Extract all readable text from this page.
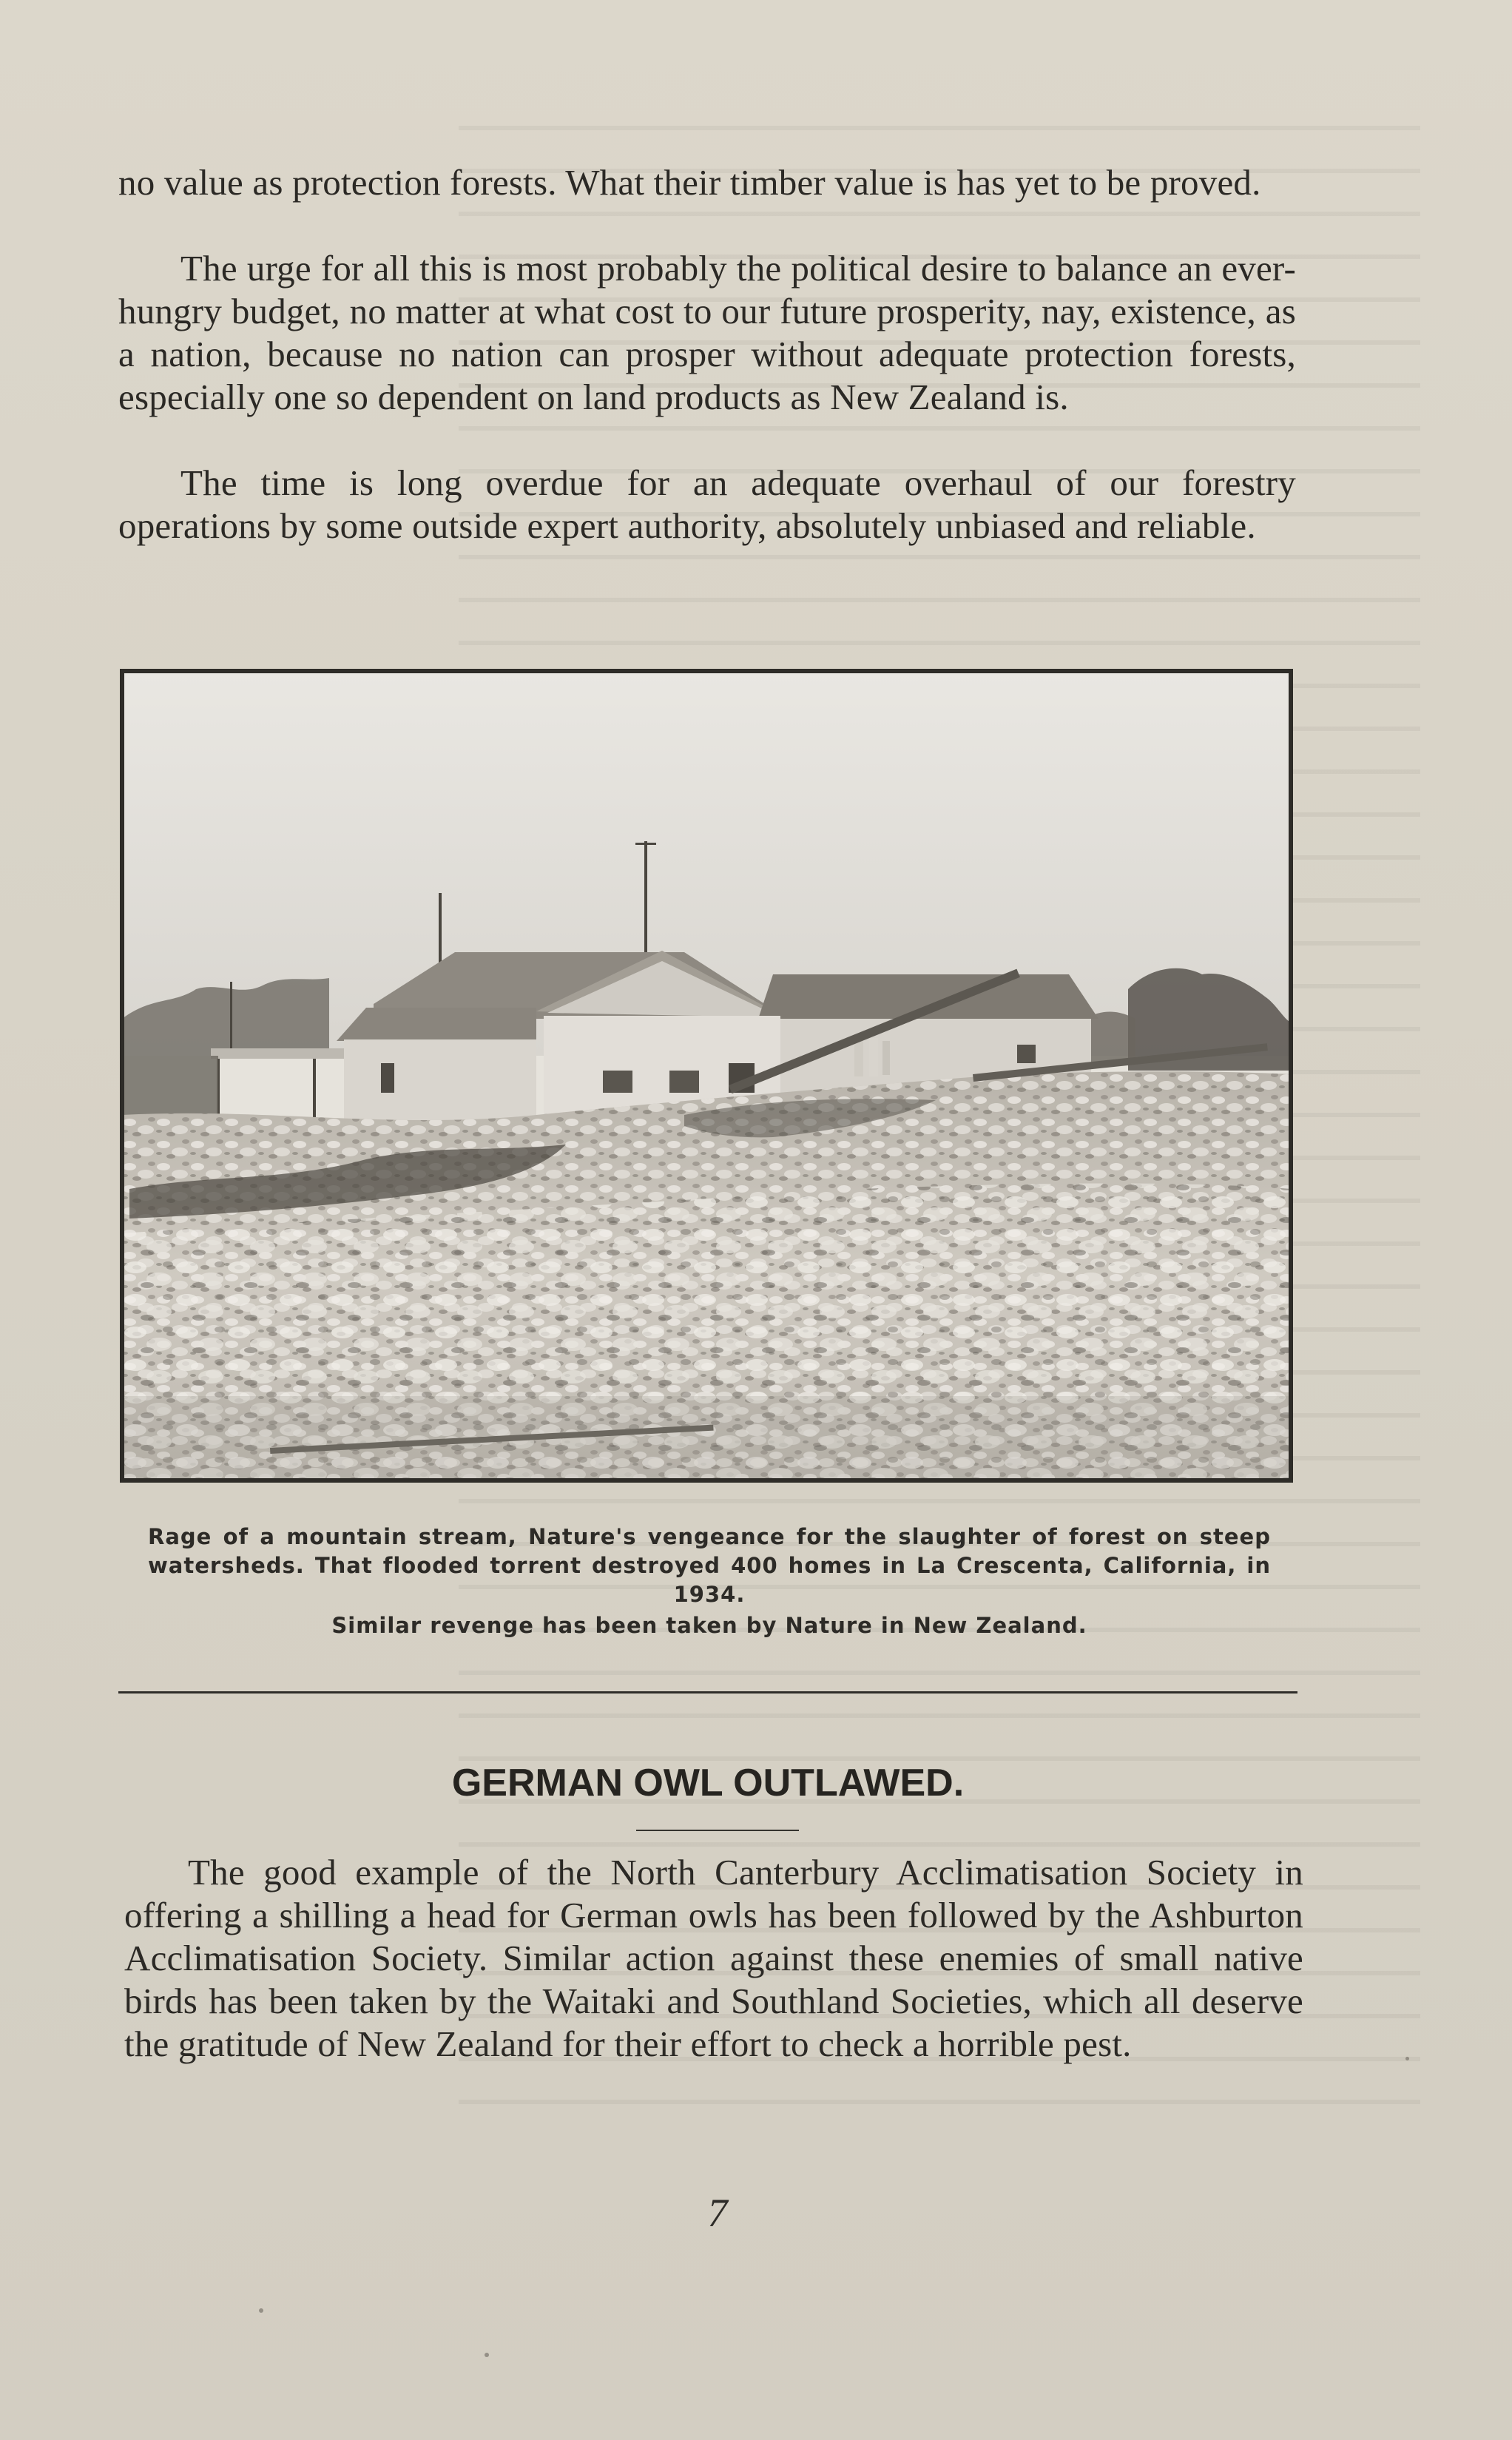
no value as protection forests. What their timber value is has yet to be proved.

The urge for all this is most probably the political desire to balance an ever-hungry budget, no matter at what cost to our future prosperity, nay, existence, as a nation, because no nation can prosper without adequate protection forests, especially one so dependent on land products as New Zealand is.

The time is long overdue for an adequate overhaul of our forestry operations by some outside expert authority, absolutely unbiased and reliable.

Rage of a mountain stream, Nature's vengeance for the slaughter of forest on steep watersheds. That flooded torrent destroyed 400 homes in La Crescenta, California, in 1934.

Similar revenge has been taken by Nature in New Zealand.

GERMAN OWL OUTLAWED.

The good example of the North Canterbury Acclimatisation Society in offering a shilling a head for German owls has been followed by the Ashburton Acclimatisation Society. Similar action against these enemies of small native birds has been taken by the Waitaki and Southland Societies, which all deserve the gratitude of New Zealand for their effort to check a horrible pest.

7
